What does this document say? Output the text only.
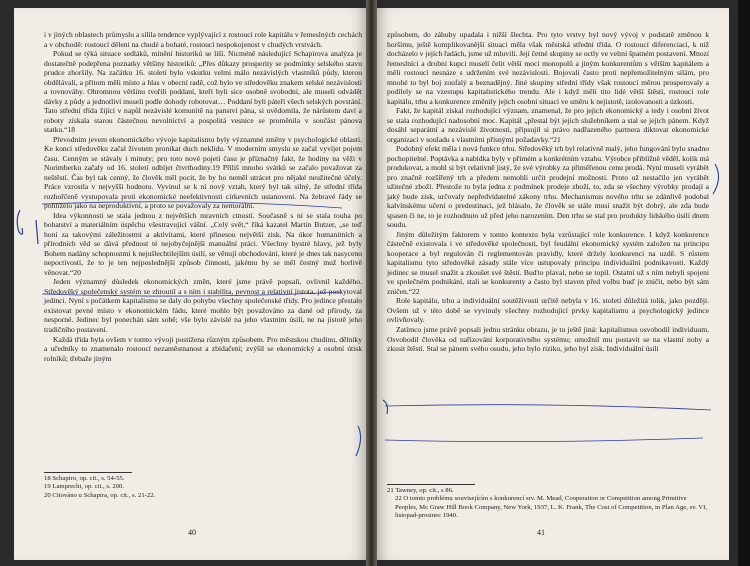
i v jiných oblastech průmyslu a sílila tendence vyplývající z rostoucí role kapitálu v řemeslných cechách a v obchodě: rostoucí dělení na chudé a bohaté, rostoucí nespokojenost v chudých vrstvách.

Pokud se týká situace sedláků, mínění historiků se liší. Nicméně následující Schapirova analýza je dostatečně podepřena poznatky většiny historiků: „Přes důkazy prosperity se podmínky selského stavu prudce zhoršily. Na začátku 16. století bylo vskutku velmi málo nezávislých vlastníků půdy, kterou obdělávali, a přitom měli místo a hlas v obecní radě, což bylo ve středověku znakem selské nezávislosti a rovnováhy. Ohromnou většinu tvořili poddaní, kteří byli sice osobně svobodní, ale museli odvádět dávky z půdy a jednotliví museli podle dohody robotovat… Poddaní byli páteří všech selských povstání. Tato střední třída žijící v napůl nezávislé komunitě na panství pána, si uvědomila, že nárůstem daví a roboty získala starou částečnou nevolnictví a pospolitá vesnice se proměnila v součást pánova statku.“18

Převodním jevem ekonomického vývoje kapitalismu byly významné změny v psychologické oblasti. Ke konci středověku začal životem pronikat duch neklidu. V moderním smyslu se začal vyvíjet pojem času. Cenným se stávaly i minuty; pro toto nové pojetí času je příznačný fakt, že hodiny na věži v Norimberku začaly od 16. století odbíjet čtvrthodiny.19 Příliš mnoho svátků se začalo považovat za neštěstí. Čas byl tak cenný, že člověk měl pocit, že by ho neměl utrácet pro nějaké neužitečné účely. Práce vzrostla v nejvyšší hodnotu. Vyvinul se k ní nový vztah, který byl tak silný, že střední třída rozhořčeně vystupovala proti ekonomické neefektivnosti církevních ustanovení. Na žebravé řády se pohlíželo jako na neproduktivní, a proto se považovaly za nemorální.

Idea výkonnosti se stala jednou z největších mravních ctností. Současně s ní se stala touha po bohatství a materiálním úspěchu všestravující vášní. „Celý svět,“ říká kazatel Martin Butzer, „se teď honí za takovými záležitostmi a aktivitami, které přinesou největší zisk. Na úkor humanitních a přírodních věd se dává přednost té nejobyčejnější manuální práci. Všechny bystré hlavy, jež byly Bohem nadány schopnostmi k nejušlechtilejším úsilí, se věnují obchodování, které je dnes tak nasyceno nepoctivostí, že to je ten nejposlednější způsob činnosti, jakému by se měl čestný muž horlivě věnovat.“20

Jeden významný důsledek ekonomických změn, které jsme právě popsali, ovlivnil každého. Středověký společenský systém se zhroutil a s ním i stabilita, pevnost a relativní jistota, jež poskytoval jedinci. Nyní s počátkem kapitalismu se daly do pohybu všechny společenské třídy. Pro jedince přestalo existovat pevné místo v ekonomickém řádu, které mohlo být považováno za dané od přírody, za nesporné. Jedinec byl ponechán sám sobě; vše bylo závislé na jeho vlastním úsilí, ne na jistotě jeho tradičního postavení.

Každá třída byla ovšem v tomto vývoji postižena různým způsobem. Pro městskou chudinu, dělníky a učedníky to znamenalo rostoucí nezaměstnanost a zbídačení; zvýšil se ekonomický a osobní útisk rolníků; třebaže jiným

18 Schapiro, op. cit., s. 54-55.
19 Lamprecht, op. cit., s. 200.
20 Citováno u Schapira, op. cit., s. 21-22.
40

způsobem, do záhuby upadala i nižší šlechta. Pro tyto vrstvy byl nový vývoj v podstatě změnou k horšímu, ještě komplikovanější situaci měla však městská střední třída. O rostoucí diferenciaci, k níž docházelo v jejích řadách, jsme už mluvili. Její četné skupiny se octly ve velmi špatném postavení. Mnozí řemeslníci a drobní kupci museli čelit větší moci monopolů a jiným konkurentům s větším kapitálem a měli rostoucí nesnáze s udržením své nezávislosti. Bojovali často proti nepřemožitelným silám, pro mnohé to byl boj zoufalý a beznadějný. Jiné skupiny střední třídy však rostoucí měrou prosperovaly a podílely se na vzestupu kapitalistického trendu. Ale i když měli tito lidé větší štěstí, rostoucí role kapitálu, trhu a konkurence změnily jejich osobní situaci ve směru k nejistotě, izolovanosti a úzkosti.

Fakt, že kapitál získal rozhodující význam, znamenal, že pro jejich ekonomický a tedy i osobní život se stala rozhodující nadosobní moc. Kapitál „přestal být jejich služebníkem a stal se jejich pánem. Když dosáhl separátní a nezávislé životnosti, připsujil si právo nadřazeného partnera diktovat ekonomické organizaci v souladu s vlastními přísnými požadavky.“21

Podobný efekt měla i nová funkce trhu. Středověký trh byl relativně malý, jeho fungování bylo snadno pochopitelné. Poptávka a nabídka byly v přímém a konkrétním vztahu. Výrobce přibližně věděl, kolik má produkovat, a mohl si být relativně jistý, že své výrobky za přiměřenou cenu prodá. Nyní museli vyrábět pro značně rozšířený trh a předem nemohli určit prodejní možnosti. Proto už nestačilo jen vyrábět užitečné zboží. Přestože to byla jedna z podmínek prodeje zboží, to, zda se všechny výrobky prodají a jaký bude zisk, určovaly nepředvídatelné zákony trhu. Mechanismus nového trhu se zdánlivě podobal kalvínskému učení o predestinaci, jež hlásalo, že člověk se stále musí snažit být dobrý, ale zda bude spasen či ne, to je rozhodnuto už před jeho narozením. Den trhu se stal pro produkty lidského úsilí dnem soudu.

Jiným důležitým faktorem v tomto kontextu byla vzrůstající role konkurence. I když konkurence částečně existovala i ve středověké společnosti, byl feudální ekonomický systém založen na principu kooperace a byl regulován či reglementován pravidly, které držely konkurenci na uzdě. S růstem kapitalismu tyto středověké zásady stále více ustupovaly principu individuální podnikavosti. Každý jedinec se musel snažit a zkoušet své štěstí. Buďto plaval, nebo se topil. Ostatní už s ním nebyli spojeni ve společném podnikání, stali se konkurenty a často byl staven před volbu buď je zničit, nebo být sám zničen.“22

Role kapitálu, trhu a individuální soutěživosti určitě nebyla v 16. století důležitá tolik, jako později. Ovšem už v této době se vyvinuly všechny rozhodující prvky kapitalismu a psychologický jedince ovlivňovaly.

Zatímco jsme právě popsali jednu stránku obrazu, je tu ještě jiná: kapitalismus osvobodil individuum. Osvobodil člověka od nařizování korporativního systému; umožnil mu postavit se na vlastní nohy a zkusit štěstí. Stal se pánem svého osudu, jeho bylo riziko, jeho byl zisk. Individuální úsilí

21 Tawney, op. cit., s 86.
22 O tomto problému souvisejícím s konkurencí srv. M. Mead, Cooperation or Competition among Primitive Peoples, Mc Graw Hill Book Company, New York, 1937, L. K. Frank, The Cost of Competition, in Plan Age, sv. VI, listopad-prosinec 1940.
41
